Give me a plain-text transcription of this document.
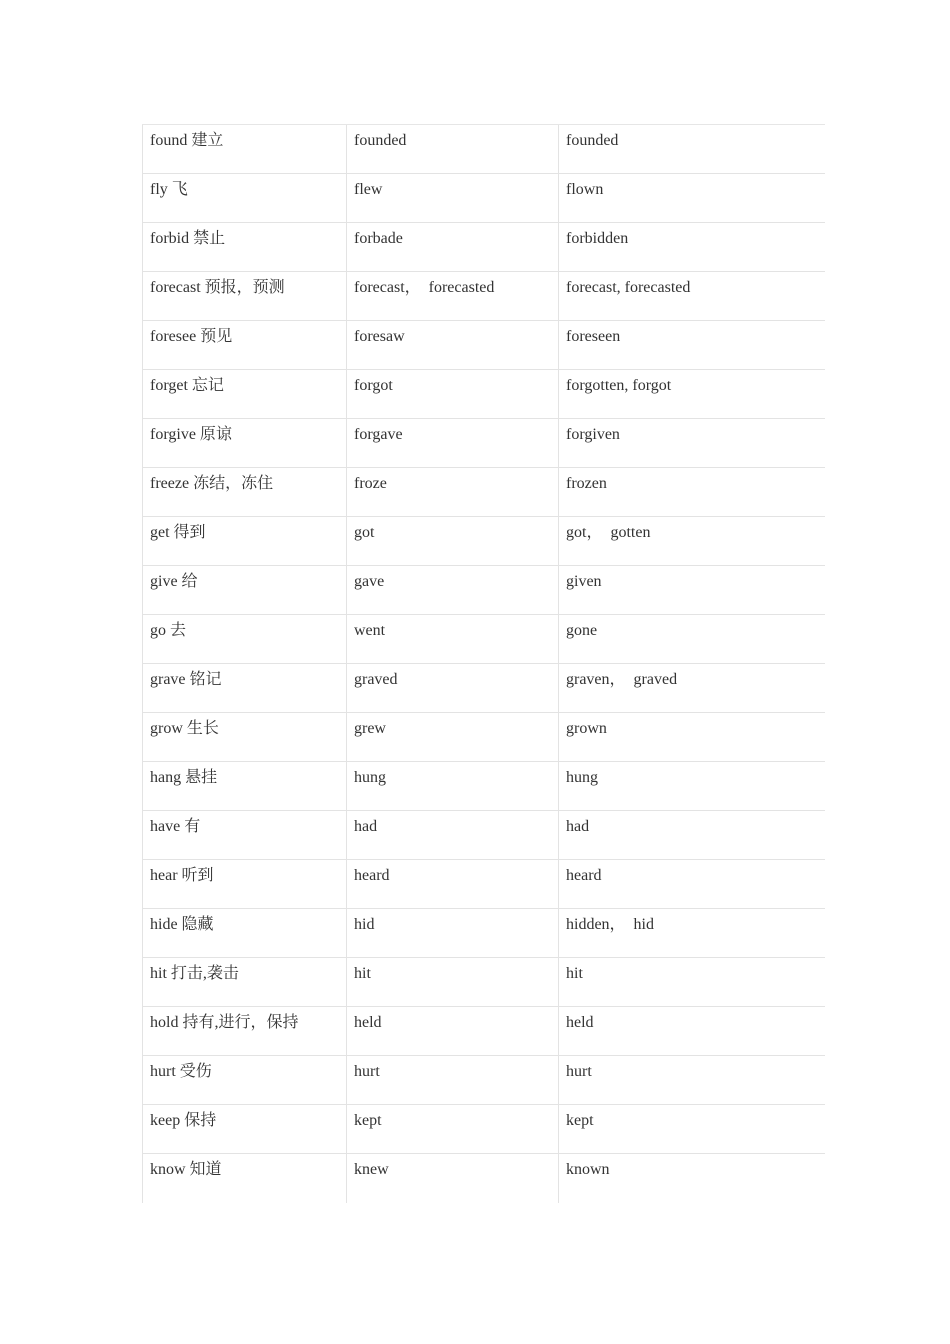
found 建立	founded	founded
fly 飞	flew	flown
forbid 禁止	forbade	forbidden
forecast 预报，预测	forecast，  forecasted	forecast, forecasted
foresee 预见	foresaw	foreseen
forget 忘记	forgot	forgotten, forgot
forgive 原谅	forgave	forgiven
freeze 冻结，冻住	froze	frozen
get 得到	got	got，  gotten
give 给	gave	given
go 去	went	gone
grave 铭记	graved	graven，  graved
grow 生长	grew	grown
hang 悬挂	hung	hung
have 有	had	had
hear 听到	heard	heard
hide 隐藏	hid	hidden，  hid
hit 打击,袭击	hit	hit
hold 持有,进行，保持	held	held
hurt 受伤	hurt	hurt
keep 保持	kept	kept
know 知道	knew	known
